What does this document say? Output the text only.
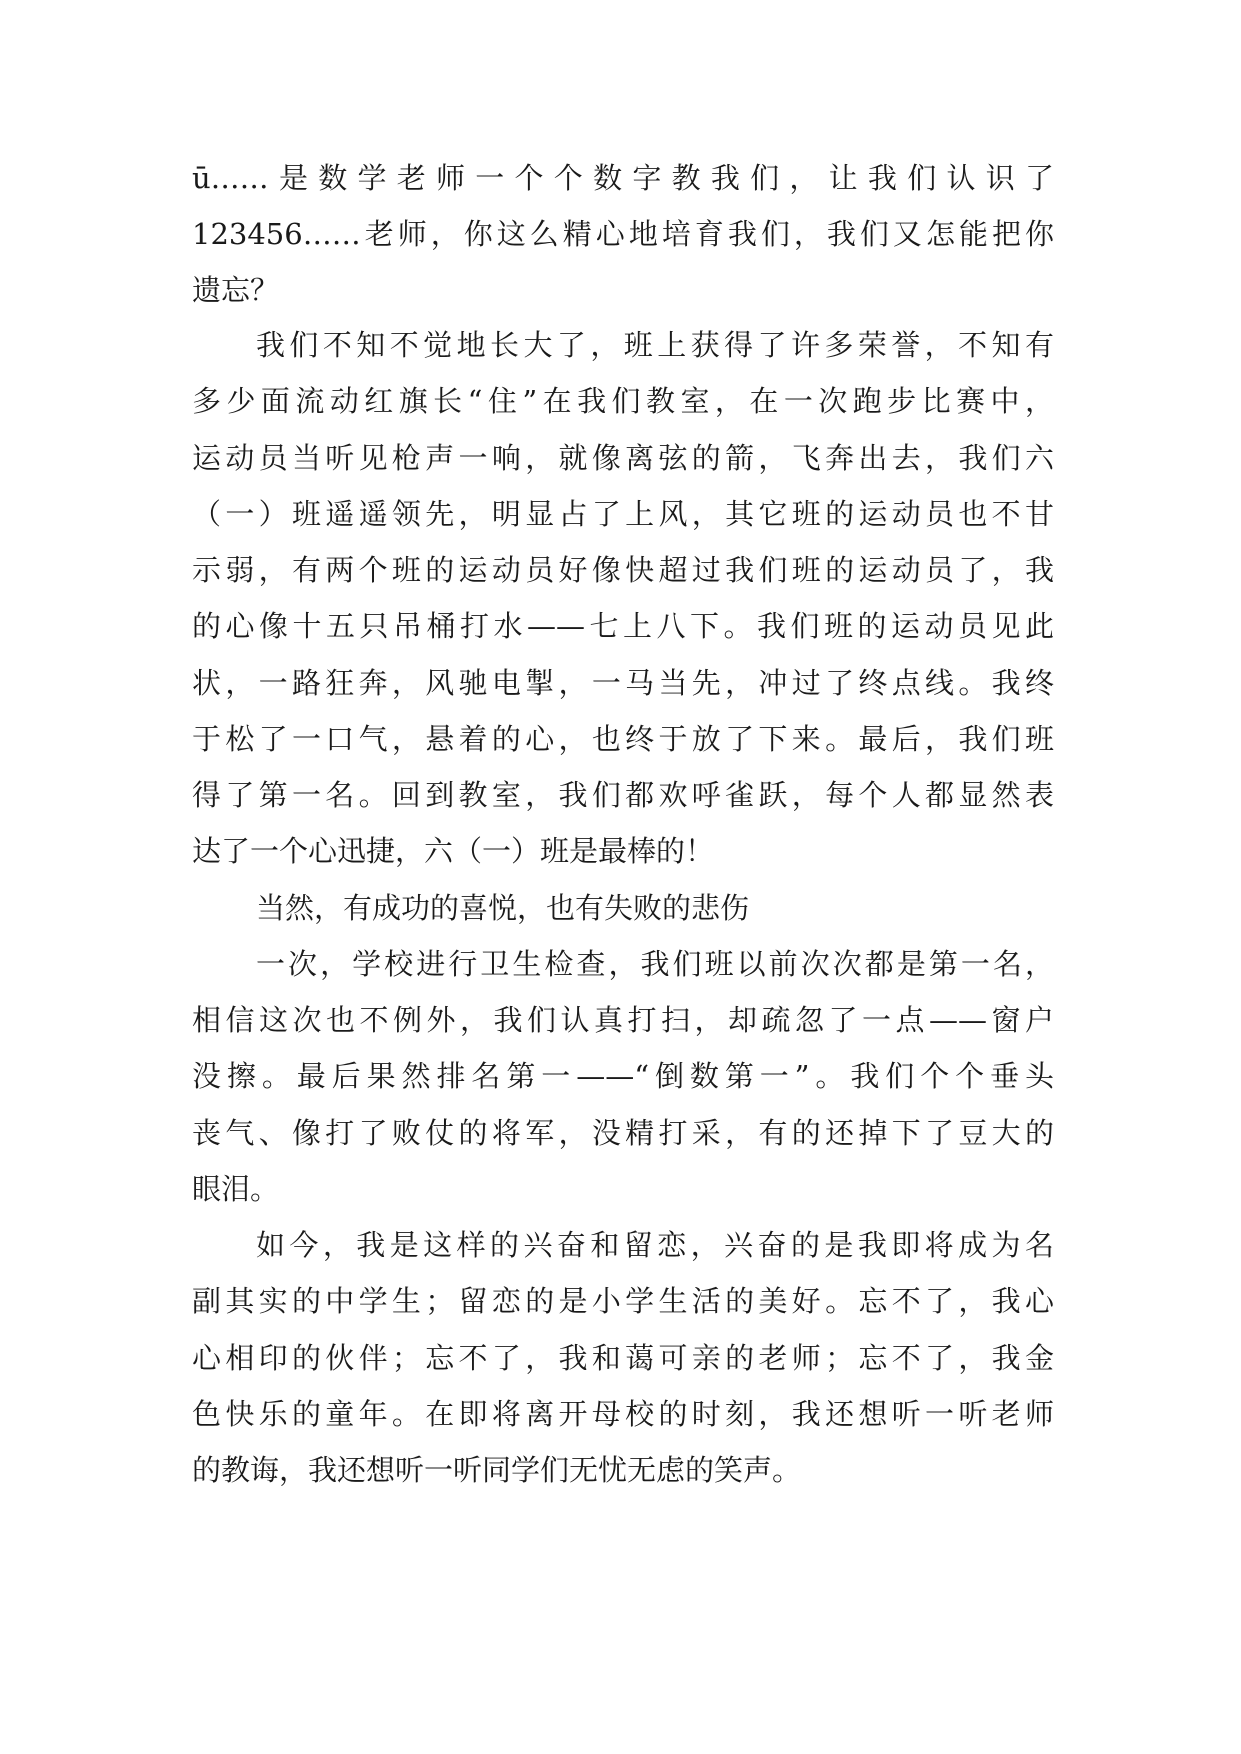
ū……是数学老师一个个数字教我们，让我们认识了
123456……老师，你这么精心地培育我们，我们又怎能把你
遗忘？
我们不知不觉地长大了，班上获得了许多荣誉，不知有
多少面流动红旗长“住”在我们教室，在一次跑步比赛中，
运动员当听见枪声一响，就像离弦的箭，飞奔出去，我们六
（一）班遥遥领先，明显占了上风，其它班的运动员也不甘
示弱，有两个班的运动员好像快超过我们班的运动员了，我
的心像十五只吊桶打水——七上八下。我们班的运动员见此
状，一路狂奔，风驰电掣，一马当先，冲过了终点线。我终
于松了一口气，悬着的心，也终于放了下来。最后，我们班
得了第一名。回到教室，我们都欢呼雀跃，每个人都显然表
达了一个心迅捷，六（一）班是最棒的！
当然，有成功的喜悦，也有失败的悲伤
一次，学校进行卫生检查，我们班以前次次都是第一名，
相信这次也不例外，我们认真打扫，却疏忽了一点——窗户
没擦。最后果然排名第一——“倒数第一”。我们个个垂头
丧气、像打了败仗的将军，没精打采，有的还掉下了豆大的
眼泪。
如今，我是这样的兴奋和留恋，兴奋的是我即将成为名
副其实的中学生；留恋的是小学生活的美好。忘不了，我心
心相印的伙伴；忘不了，我和蔼可亲的老师；忘不了，我金
色快乐的童年。在即将离开母校的时刻，我还想听一听老师
的教诲，我还想听一听同学们无忧无虑的笑声。
